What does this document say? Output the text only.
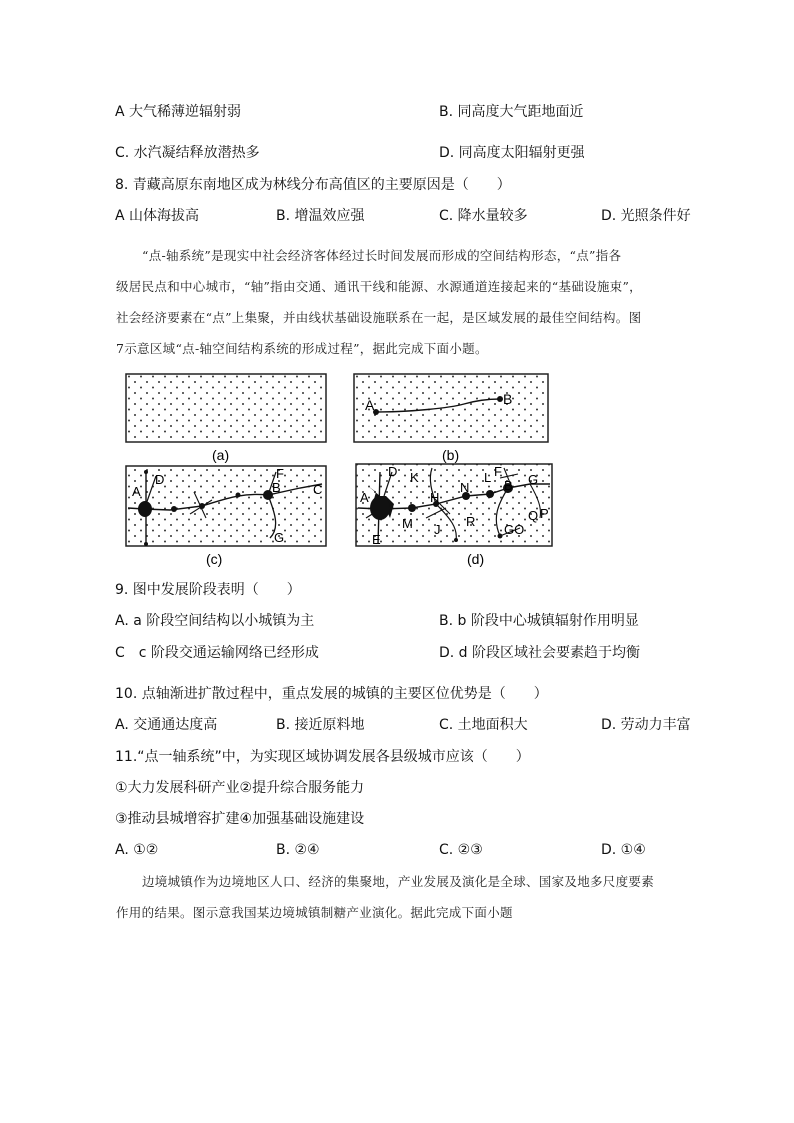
A 大气稀薄逆辐射弱	B. 同高度大气距地面近
C. 水汽凝结释放潜热多	D. 同高度太阳辐射更强
8. 青藏高原东南地区成为林线分布高值区的主要原因是（　　）
A 山体海拔高	B. 增温效应强	C. 降水量较多	D. 光照条件好
“点-轴系统”是现实中社会经济客体经过长时间发展而形成的空间结构形态，“点”指各
级居民点和中心城市，“轴”指由交通、通讯干线和能源、水源通道连接起来的“基础设施束”，
社会经济要素在“点”上集聚，并由线状基础设施联系在一起，是区域发展的最佳空间结构。图
7示意区域“点-轴空间结构系统的形成过程”，据此完成下面小题。
(a)
A	B
(b)
A
D	F
B C
G
(c)
A
D
E
K
H
M J
N
R
L F
B G
Q P
GO
(d)
9. 图中发展阶段表明（　　）
A. a 阶段空间结构以小城镇为主	B. b 阶段中心城镇辐射作用明显
C　c 阶段交通运输网络已经形成	D. d 阶段区域社会要素趋于均衡
10. 点轴渐进扩散过程中，重点发展的城镇的主要区位优势是（　　）
A. 交通通达度高	B. 接近原料地	C. 土地面积大	D. 劳动力丰富
11.“点一轴系统”中，为实现区域协调发展各县级城市应该（　　）
①大力发展科研产业②提升综合服务能力
③推动县城增容扩建④加强基础设施建设
A. ①②	B. ②④	C. ②③	D. ①④
边境城镇作为边境地区人口、经济的集聚地，产业发展及演化是全球、国家及地多尺度要素
作用的结果。图示意我国某边境城镇制糖产业演化。据此完成下面小题
